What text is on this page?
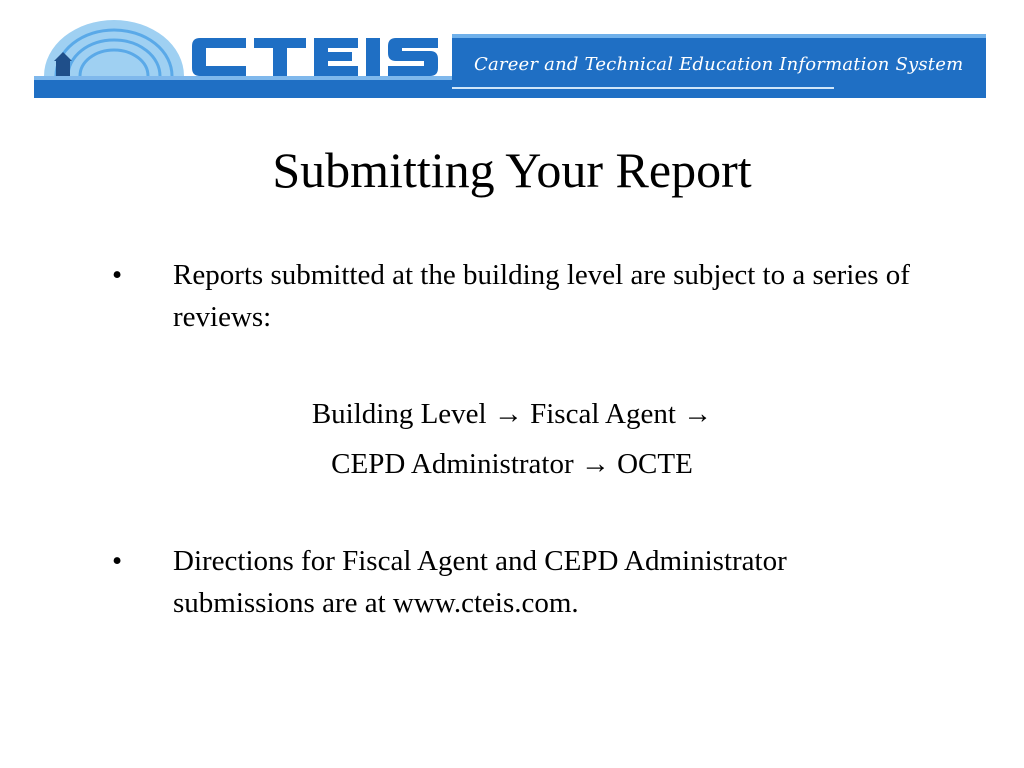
Career and Technical Education Information System
Submitting Your Report
• Reports submitted at the building level are subject to a series of reviews:
Building Level → Fiscal Agent →
CEPD Administrator → OCTE
• Directions for Fiscal Agent and CEPD Administrator submissions are at www.cteis.com.
